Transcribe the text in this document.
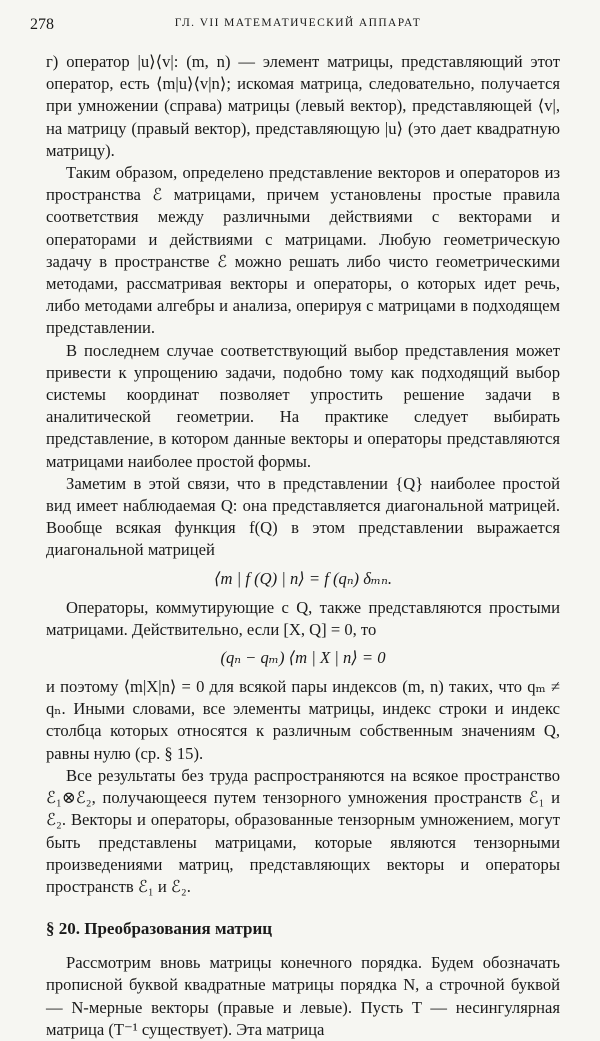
278	ГЛ. VII МАТЕМАТИЧЕСКИЙ АППАРАТ

г) оператор |u⟩⟨v|: (m, n) — элемент матрицы, представляющий этот оператор, есть ⟨m|u⟩⟨v|n⟩; искомая матрица, следовательно, получается при умножении (справа) матрицы (левый вектор), представляющей ⟨v|, на матрицу (правый вектор), представляющую |u⟩ (это дает квадратную матрицу).

Таким образом, определено представление векторов и операторов из пространства ℰ матрицами, причем установлены простые правила соответствия между различными действиями с векторами и операторами и действиями с матрицами. Любую геометрическую задачу в пространстве ℰ можно решать либо чисто геометрическими методами, рассматривая векторы и операторы, о которых идет речь, либо методами алгебры и анализа, оперируя с матрицами в подходящем представлении.

В последнем случае соответствующий выбор представления может привести к упрощению задачи, подобно тому как подходящий выбор системы координат позволяет упростить решение задачи в аналитической геометрии. На практике следует выбирать представление, в котором данные векторы и операторы представляются матрицами наиболее простой формы.

Заметим в этой связи, что в представлении {Q} наиболее простой вид имеет наблюдаемая Q: она представляется диагональной матрицей. Вообще всякая функция f(Q) в этом представлении выражается диагональной матрицей

⟨m | f (Q) | n⟩ = f (qₙ) δₘₙ.

Операторы, коммутирующие с Q, также представляются простыми матрицами. Действительно, если [X, Q] = 0, то

(qₙ − qₘ) ⟨m | X | n⟩ = 0

и поэтому ⟨m|X|n⟩ = 0 для всякой пары индексов (m, n) таких, что qₘ ≠ qₙ. Иными словами, все элементы матрицы, индекс строки и индекс столбца которых относятся к различным собственным значениям Q, равны нулю (ср. § 15).

Все результаты без труда распространяются на всякое пространство ℰ₁⊗ℰ₂, получающееся путем тензорного умножения пространств ℰ₁ и ℰ₂. Векторы и операторы, образованные тензорным умножением, могут быть представлены матрицами, которые являются тензорными произведениями матриц, представляющих векторы и операторы пространств ℰ₁ и ℰ₂.

§ 20. Преобразования матриц

Рассмотрим вновь матрицы конечного порядка. Будем обозначать прописной буквой квадратные матрицы порядка N, а строчной буквой — N-мерные векторы (правые и левые). Пусть T — несингулярная матрица (T⁻¹ существует). Эта матрица
